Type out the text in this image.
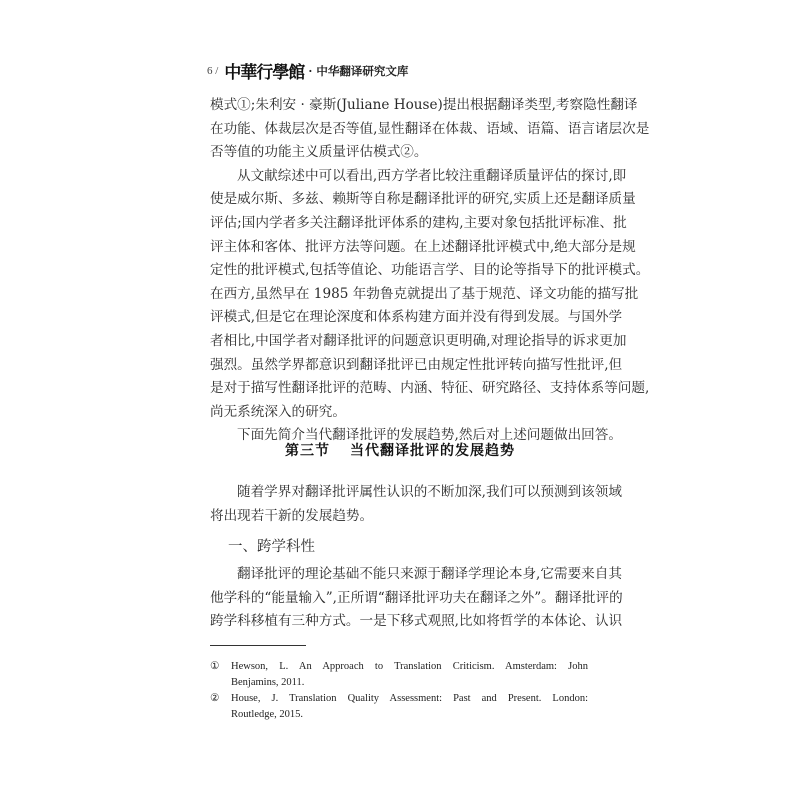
6 / 中華行學館 · 中华翻译研究文库
模式①;朱利安 · 豪斯(Juliane House)提出根据翻译类型,考察隐性翻译
在功能、体裁层次是否等值,显性翻译在体裁、语域、语篇、语言诸层次是
否等值的功能主义质量评估模式②。
从文献综述中可以看出,西方学者比较注重翻译质量评估的探讨,即
使是威尔斯、多兹、赖斯等自称是翻译批评的研究,实质上还是翻译质量
评估;国内学者多关注翻译批评体系的建构,主要对象包括批评标准、批
评主体和客体、批评方法等问题。在上述翻译批评模式中,绝大部分是规
定性的批评模式,包括等值论、功能语言学、目的论等指导下的批评模式。
在西方,虽然早在 1985 年勃鲁克就提出了基于规范、译文功能的描写批
评模式,但是它在理论深度和体系构建方面并没有得到发展。与国外学
者相比,中国学者对翻译批评的问题意识更明确,对理论指导的诉求更加
强烈。虽然学界都意识到翻译批评已由规定性批评转向描写性批评,但
是对于描写性翻译批评的范畴、内涵、特征、研究路径、支持体系等问题,
尚无系统深入的研究。
下面先简介当代翻译批评的发展趋势,然后对上述问题做出回答。
第三节 当代翻译批评的发展趋势
随着学界对翻译批评属性认识的不断加深,我们可以预测到该领域
将出现若干新的发展趋势。
一、跨学科性
翻译批评的理论基础不能只来源于翻译学理论本身,它需要来自其
他学科的“能量输入”,正所谓“翻译批评功夫在翻译之外”。翻译批评的
跨学科移植有三种方式。一是下移式观照,比如将哲学的本体论、认识
① Hewson, L. An Approach to Translation Criticism. Amsterdam: John
Benjamins, 2011.
② House, J. Translation Quality Assessment: Past and Present. London:
Routledge, 2015.
